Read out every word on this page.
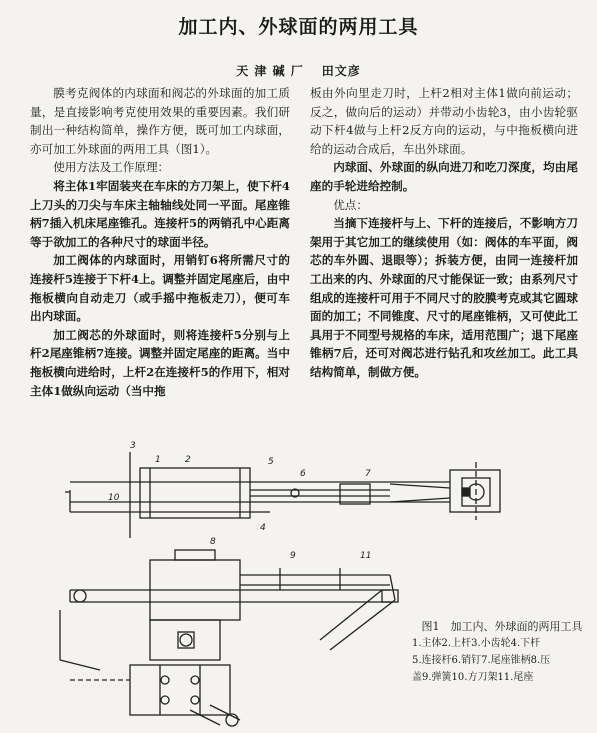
加工内、外球面的两用工具
天 津 碱 厂 田文彦

膜考克阀体的内球面和阀芯的外球面的加工质量，是直接影响考克使用效果的重要因素。我们研制出一种结构简单，操作方便，既可加工内球面，亦可加工外球面的两用工具（图1）。

使用方法及工作原理：

将主体1牢固装夹在车床的方刀架上，使下杆4上刀头的刀尖与车床主轴轴线处同一平面。尾座锥柄7插入机床尾座锥孔。连接杆5的两销孔中心距离等于欲加工的各种尺寸的球面半径。

加工阀体的内球面时，用销钉6将所需尺寸的连接杆5连接于下杆4上。调整并固定尾座后，由中拖板横向自动走刀（或手摇中拖板走刀），便可车出内球面。

加工阀芯的外球面时，则将连接杆5分别与上杆2尾座锥柄7连接。调整并固定尾座的距离。当中拖板横向进给时，上杆2在连接杆5的作用下，相对主体1做纵向运动（当中拖

板由外向里走刀时，上杆2相对主体1做向前运动；反之，做向后的运动）并带动小齿轮3，由小齿轮驱动下杆4做与上杆2反方向的运动，与中拖板横向进给的运动合成后，车出外球面。

内球面、外球面的纵向进刀和吃刀深度，均由尾座的手轮进给控制。

优点：

当摘下连接杆与上、下杆的连接后，不影响方刀架用于其它加工的继续使用（如：阀体的车平面，阀芯的车外圆、退眼等）；拆装方便，由同一连接杆加工出来的内、外球面的尺寸能保证一致；由系列尺寸组成的连接杆可用于不同尺寸的胶膜考克或其它圆球面的加工；不同锥度、尺寸的尾座锥柄，又可使此工具用于不同型号规格的车床，适用范围广；退下尾座锥柄7后，还可对阀芯进行钻孔和攻丝加工。此工具结构简单，制做方便。

1	2
3
4
5
6	7
8
9
10
11
图1　加工内、外球面的两用工具
1.主体2.上杆3.小齿轮4.下杆
5.连接杆6.销钉7.尾座锥柄8.压
盖9.弹簧10.方刀架11.尾座
